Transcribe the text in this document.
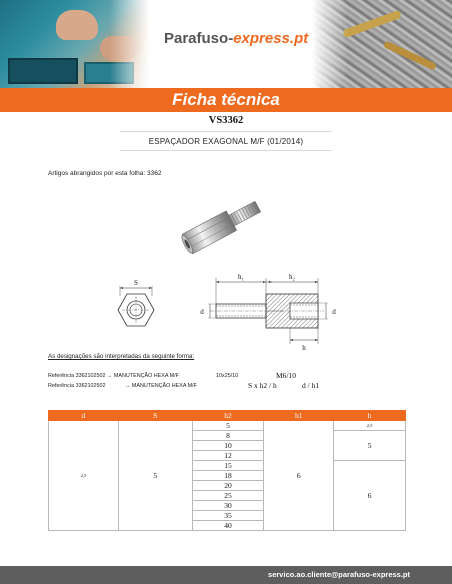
Parafuso-express.pt
Ficha técnica
VS3362
ESPAÇADOR EXAGONAL M/F (01/2014)
Artigos abrangidos por esta folha: 3362
S
h₁	h₂
h
d	d
As designações são interpretadas da seguinte forma:
Referência 3362102502 → MANUTENÇÃO HEXA M/F	10x25/10
Referência 3362102502	→ MANUTENÇÃO HEXA M/F
M6/10
S x h2 / h	d / h1
d	S	h2	h1	h
2,5	5	5	6	2,5
		8		5
		10		
		12		
		15		6
		18		
		20		
		25		
		30		
		35		
		40		
servico.ao.cliente@parafuso-express.pt
